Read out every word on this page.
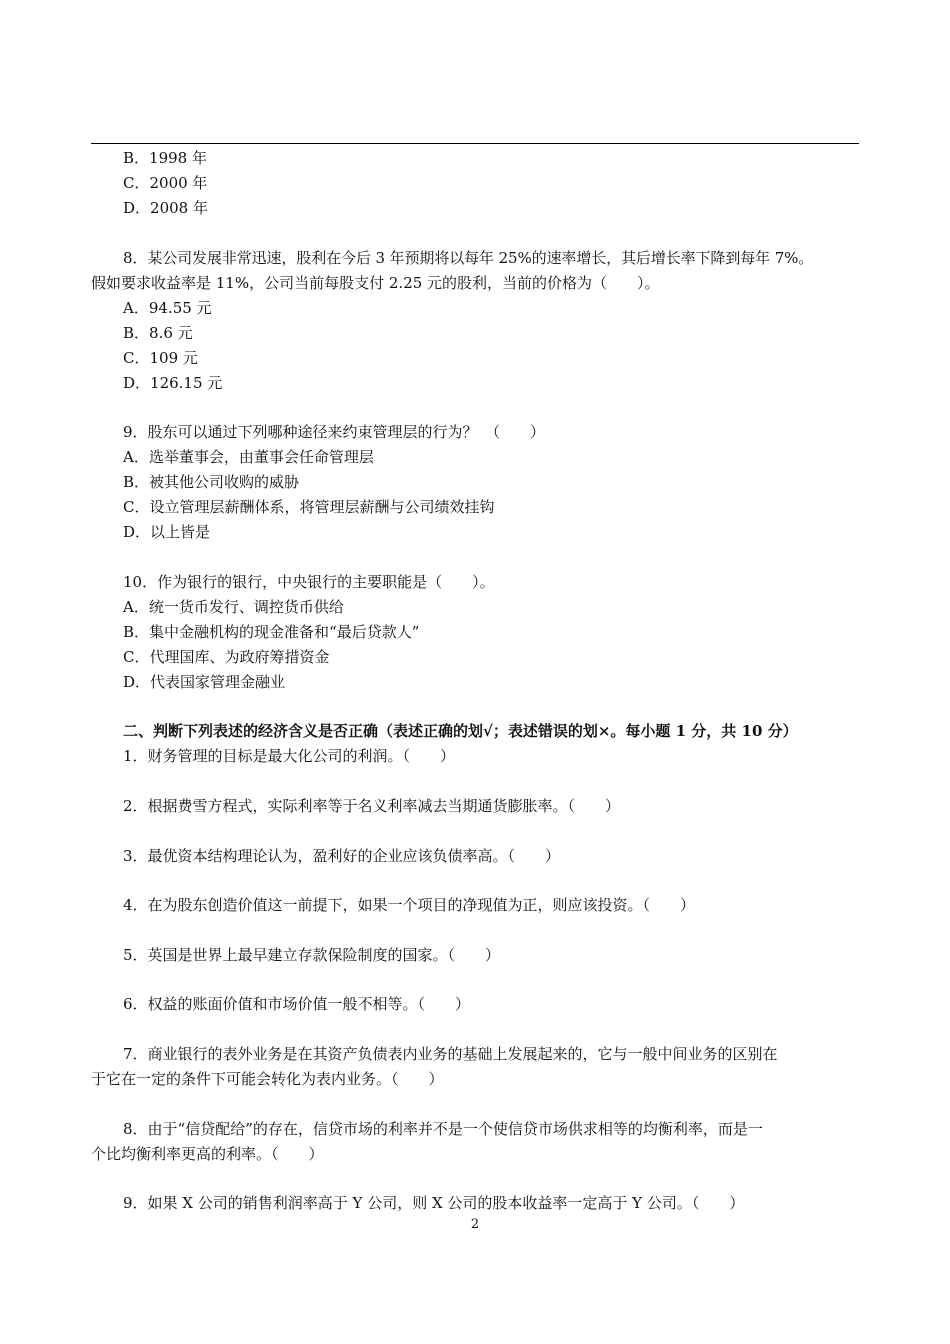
B．1998 年
C．2000 年
D．2008 年
8．某公司发展非常迅速，股利在今后 3 年预期将以每年 25%的速率增长，其后增长率下降到每年 7%。
假如要求收益率是 11%，公司当前每股支付 2.25 元的股利，当前的价格为（　　）。
A．94.55 元
B．8.6 元
C．109 元
D．126.15 元
9．股东可以通过下列哪种途径来约束管理层的行为？　（　　）
A．选举董事会，由董事会任命管理层
B．被其他公司收购的威胁
C．设立管理层薪酬体系，将管理层薪酬与公司绩效挂钩
D．以上皆是
10．作为银行的银行，中央银行的主要职能是（　　）。
A．统一货币发行、调控货币供给
B．集中金融机构的现金准备和“最后贷款人”
C．代理国库、为政府筹措资金
D．代表国家管理金融业
二、判断下列表述的经济含义是否正确（表述正确的划√；表述错误的划×。每小题 1 分，共 10 分）
1．财务管理的目标是最大化公司的利润。（　　）
2．根据费雪方程式，实际利率等于名义利率减去当期通货膨胀率。（　　）
3．最优资本结构理论认为，盈利好的企业应该负债率高。（　　）
4．在为股东创造价值这一前提下，如果一个项目的净现值为正，则应该投资。（　　）
5．英国是世界上最早建立存款保险制度的国家。（　　）
6．权益的账面价值和市场价值一般不相等。（　　）
7．商业银行的表外业务是在其资产负债表内业务的基础上发展起来的，它与一般中间业务的区别在
于它在一定的条件下可能会转化为表内业务。（　　）
8．由于“信贷配给”的存在，信贷市场的利率并不是一个使信贷市场供求相等的均衡利率，而是一
个比均衡利率更高的利率。（　　）
9．如果 X 公司的销售利润率高于 Y 公司，则 X 公司的股本收益率一定高于 Y 公司。（　　）
2
